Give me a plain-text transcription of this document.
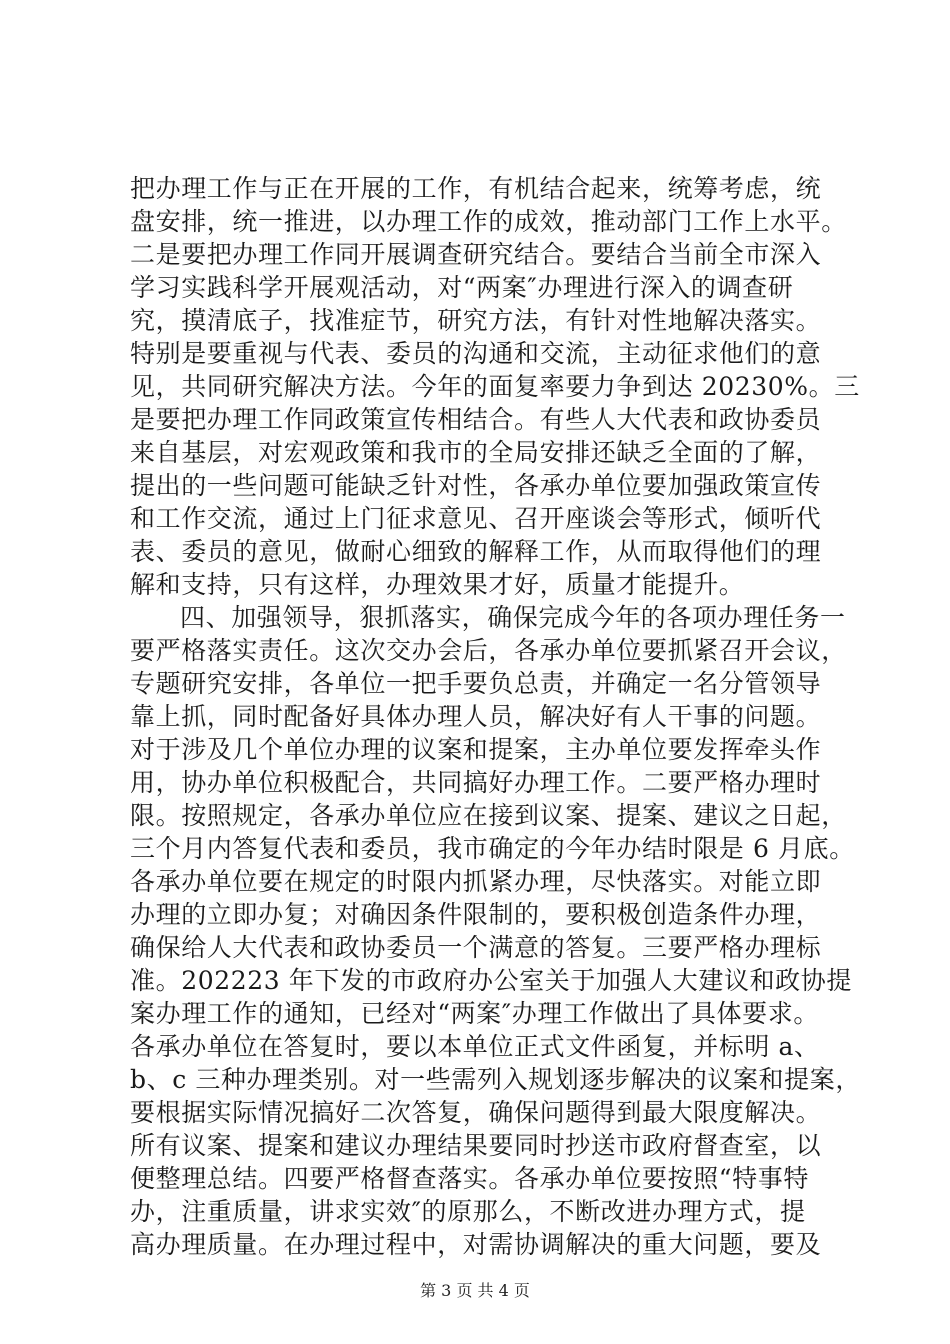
把办理工作与正在开展的工作，有机结合起来，统筹考虑，统
盘安排，统一推进，以办理工作的成效，推动部门工作上水平。
二是要把办理工作同开展调查研究结合。要结合当前全市深入
学习实践科学开展观活动，对“两案″办理进行深入的调查研
究，摸清底子，找准症节，研究方法，有针对性地解决落实。
特别是要重视与代表、委员的沟通和交流，主动征求他们的意
见，共同研究解决方法。今年的面复率要力争到达 20230%。三
是要把办理工作同政策宣传相结合。有些人大代表和政协委员
来自基层，对宏观政策和我市的全局安排还缺乏全面的了解，
提出的一些问题可能缺乏针对性，各承办单位要加强政策宣传
和工作交流，通过上门征求意见、召开座谈会等形式，倾听代
表、委员的意见，做耐心细致的解释工作，从而取得他们的理
解和支持，只有这样，办理效果才好，质量才能提升。
四、加强领导，狠抓落实，确保完成今年的各项办理任务一
要严格落实责任。这次交办会后，各承办单位要抓紧召开会议，
专题研究安排，各单位一把手要负总责，并确定一名分管领导
靠上抓，同时配备好具体办理人员，解决好有人干事的问题。
对于涉及几个单位办理的议案和提案，主办单位要发挥牵头作
用，协办单位积极配合，共同搞好办理工作。二要严格办理时
限。按照规定，各承办单位应在接到议案、提案、建议之日起，
三个月内答复代表和委员，我市确定的今年办结时限是 6 月底。
各承办单位要在规定的时限内抓紧办理，尽快落实。对能立即
办理的立即办复；对确因条件限制的，要积极创造条件办理，
确保给人大代表和政协委员一个满意的答复。三要严格办理标
准。202223 年下发的市政府办公室关于加强人大建议和政协提
案办理工作的通知，已经对“两案″办理工作做出了具体要求。
各承办单位在答复时，要以本单位正式文件函复，并标明 a、
b、c 三种办理类别。对一些需列入规划逐步解决的议案和提案，
要根据实际情况搞好二次答复，确保问题得到最大限度解决。
所有议案、提案和建议办理结果要同时抄送市政府督查室，以
便整理总结。四要严格督查落实。各承办单位要按照“特事特
办，注重质量，讲求实效″的原那么，不断改进办理方式，提
高办理质量。在办理过程中，对需协调解决的重大问题，要及
第 3 页 共 4 页
